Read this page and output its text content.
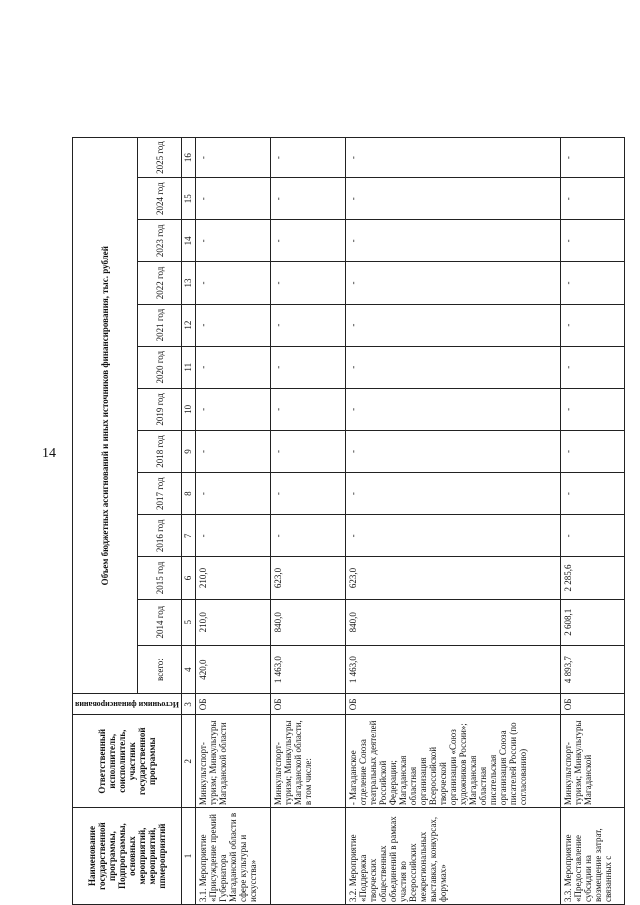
14
Наименование государственной программы, Подпрограммы, основных мероприятий, мероприятий, ппмероприятий	Ответственный исполнитель, соисполнитель, участник государственной программы	Источники финансирования	Объем бюджетных ассигнований и иных источников финансирования, тыс. рублей												
			всего:	2014 год	2015 год	2016 год	2017 год	2018 год	2019 год	2020 год	2021 год	2022 год	2023 год	2024 год	2025 год
1	2	3	4	5	6	7	8	9	10	11	12	13	14	15	16
3.1. Мероприятие «Присуждение премий Губернатора Магаданской области в сфере культуры и искусства»	Минкультспорт-туризм; Минкультуры Магаданской области	ОБ	420,0	210,0	210,0	-	-	-	-	-	-	-	-	-	-
	Минкультспорт-туризм; Минкультуры Магаданской области, в том числе:	ОБ	1 463,0	840,0	623,0	-	-	-	-	-	-	-	-	-	-
3.2. Мероприятие «Поддержка творческих общественных объединений в рамках участия во Всероссийских межрегиональных выставках, конкурсах, форумах»	- Магаданское отделение Союза театральных деятелей Российской Федерации; Магаданская областная организация Всероссийской творческой организации «Союз художников России»; Магаданская областная писательская организация Союза писателей России (по согласованию)	ОБ	1 463,0	840,0	623,0	-	-	-	-	-	-	-	-	-	-
3.3. Мероприятие «Предоставление субсидии на возмещение затрат, связанных с	Минкультспорт-туризм; Минкультуры Магаданской	ОБ	4 893,7	2 608,1	2 285,6	-	-	-	-	-	-	-	-	-	-
